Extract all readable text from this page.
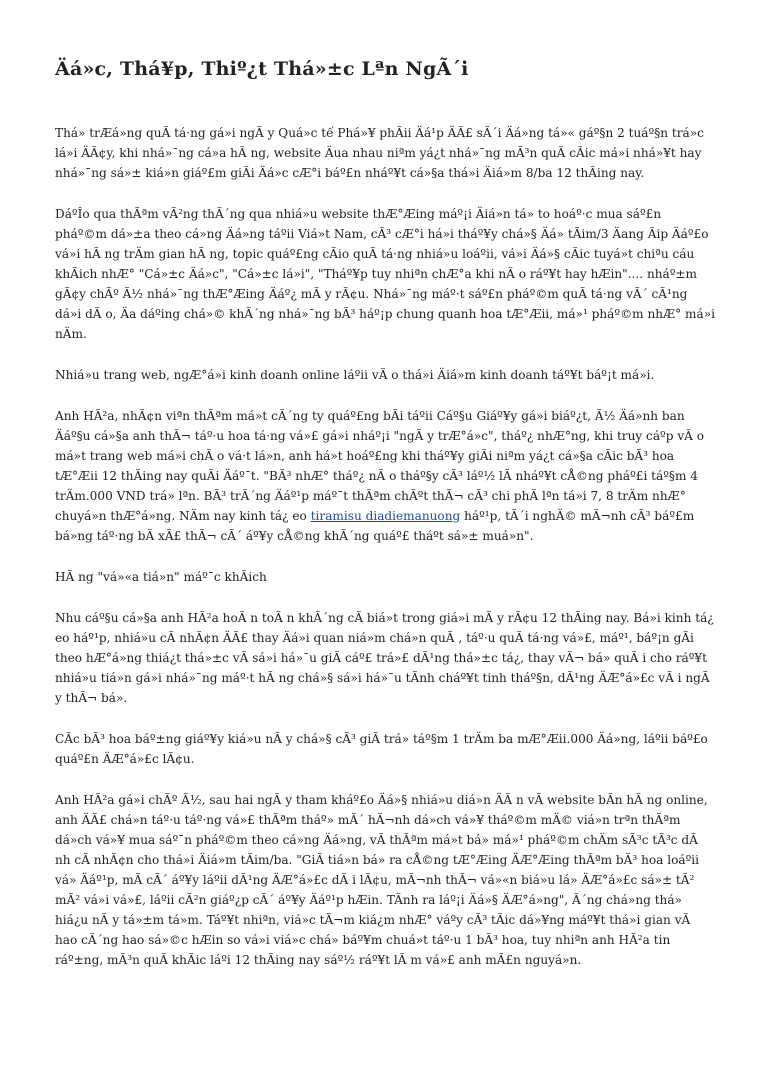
Äá»c, Thá¥p, Thiº¿t Thá»±c Lªn NgÃ´i

Thá» trÆá»ng quÃ tá·ng gá»i ngÃ y Quá»c tế Phá»¥ phÃii Äá¹p ÄÃ£ sÃ´i Äá»ng tá»« gáº§n 2 tuáº§n trá»c lá»i ÄÃ¢y, khi nhá»¯ng cá»a hÃ ng, website Äua nhau niªm yá¿t nhá»¯ng mÃ³n quÃ cÃic má»i nhá»¥t hay nhá»¯ng sá»± kiá»n giáº£m giÃi Äá»c cÆ°i báº£n nháº¥t cá»§a thá»i Äiá»m 8/ba 12 thÃing nay.

DáºÎo qua thÃªm vÃ²ng thÃ´ng qua nhiá»u website thÆ°Æing máº¡i Äiá»n tá» to hoáº·c mua sáº£n pháº©m dá»±a theo cá»ng Äá»ng táºii Viá»t Nam, cÃ³ cÆ°i há»i tháº¥y chá»§ Äá» tÃim/3 Äang Ãip Äáº£o vá»i hÃ ng trÄm gian hÃ ng, topic quáº£ng cÃio quÃ tá·ng nhiá»u loáºii, vá»i Äá»§ cÃic tuyá»t chiªu cáu khÃich nhÆ° "Cá»±c Äá»c", "Cá»±c lá»i", "Tháº¥p tuy nhiªn chÆ°a khi nÃ o ráº¥t hay hÆin".... nháº±m gÃ¢y chÃº Ã½ nhá»¯ng thÆ°Æing Äáº¿ mÃ y rÃ¢u. Nhá»¯ng máº·t sáº£n pháº©m quÃ tá·ng vÃ´ cÃ¹ng dá»i dÃ o, Äa dáºing chá»© khÃ´ng nhá»¯ng bÃ³ háº¡p chung quanh hoa tÆ°Æii, má»¹ pháº©m nhÆ° má»i nÄm.

Nhiá»u trang web, ngÆ°á»i kinh doanh online láºii vÃ o thá»i Äiá»m kinh doanh táº¥t báº¡t má»i.

Anh HÃ²a, nhÃ¢n viªn thÃªm má»t cÃ´ng ty quáº£ng bÃi táºii Cáº§u Giáº¥y gá»i biáº¿t, Ã½ Äá»nh ban Äáº§u cá»§a anh thÃ¬ táº·u hoa tá·ng vá»£ gá»i nháº¡i "ngÃ y trÆ°á»c", tháº¿ nhÆ°ng, khi truy cáºp vÃ o má»t trang web má»i chÃ o vá·t lá»n, anh há»t hoáº£ng khi tháº¥y giÃi niªm yá¿t cá»§a cÃic bÃ³ hoa tÆ°Æii 12 thÃing nay quÃi Äáº¯t. "BÃ³ nhÆ° tháº¿ nÃ o tháº§y cÃ³ láº½ lÃ nháº¥t cÅ©ng pháº£i táº§m 4 trÄm.000 VND trá» lªn. BÃ³ trÃ´ng Äáº¹p máº¯t thÃªm chÃºt thÃ¬ cÃ³ chi phÃ lªn tá»i 7, 8 trÄm nhÆ° chuyá»n thÆ°á»ng. NÄm nay kinh tá¿ eo tiramisu diadiemanuong háº¹p, tÃ´i nghÄ© mÃ¬nh cÃ³ báº£m bá»ng táº·ng bÃ xÃ£ thÃ¬ cÃ´ áº¥y cÅ©ng khÃ´ng quáº£ tháºt sá»± muá»n".

HÃ ng "vá»«a tiá»n" máº¯c khÃich

Nhu cáº§u cá»§a anh HÃ²a hoÃ n toÃ n khÃ´ng cÃ biá»t trong giá»i mÃ y rÃ¢u 12 thÃing nay. Bá»i kinh tá¿ eo háº¹p, nhiá»u cÃ nhÃ¢n ÄÃ£ thay Äá»i quan niá»m chá»n quÃ , táº·u quÃ tá·ng vá»£, máº¹, báº¡n gÃi theo hÆ°á»ng thiá¿t thá»±c vÃ sá»i há»¯u giÃ cáº£ trá»£ dÃ¹ng thá»±c tá¿, thay vÃ¬ bá» quÃ i cho ráº¥t nhiá»u tiá»n gá»i nhá»¯ng máº·t hÃ ng chá»§ sá»i há»¯u tÃnh cháº¥t tinh tháº§n, dÃ¹ng ÄÆ°á»£c vÃ i ngÃ y thÃ¬ bá».

CÃc bÃ³ hoa báº±ng giáº¥y kiá»u nÃ y chá»§ cÃ³ giÃ trá» táº§m 1 trÄm ba mÆ°Æii.000 Äá»ng, láºii báº£o quáº£n ÄÆ°á»£c lÃ¢u.

Anh HÃ²a gá»i chÃº Ã½, sau hai ngÃ y tham kháº£o Äá»§ nhiá»u diá»n ÄÃ n vÃ website bÃn hÃ ng online, anh ÄÃ£ chá»n táº·u táº·ng vá»£ thÃªm tháº» mÃ´ hÃ¬nh dá»ch vá»¥ tháº©m mÄ© viá»n trªn thÃªm dá»ch vá»¥ mua sáº¯n pháº©m theo cá»ng Äá»ng, vÃ thÃªm má»t bá» má»¹ pháº©m chÄm sÃ³c tÃ³c dÃ nh cÃ nhÃ¢n cho thá»i Äiá»m tÃim/ba. "GiÃ tiá»n bá» ra cÅ©ng tÆ°Æing ÄÆ°Æing thÃªm bÃ³ hoa loáºii vá» Äáº¹p, mÃ cÃ´ áº¥y láºii dÃ¹ng ÄÆ°á»£c dÃ i lÃ¢u, mÃ¬nh thÃ¬ vá»«n biá»u lá» ÄÆ°á»£c sá»± tÃ² mÃ² vá»i vá»£, láºii cÃ²n giáº¿p cÃ´ áº¥y Äáº¹p hÆin. TÃnh ra láº¡i Äá»§ ÄÆ°á»ng", Ã´ng chá»ng thá» hiá¿u nÃ y tá»±m tá»m. Táº¥t nhiªn, viá»c tÃ¬m kiá¿m nhÆ° váºy cÃ³ tÃic dá»¥ng máº¥t thá»i gian vÃ hao cÃ´ng hao sá»©c hÆin so vá»i viá»c chá» báº¥m chuá»t táº·u 1 bÃ³ hoa, tuy nhiªn anh HÃ²a tin ráº±ng, mÃ³n quÃ khÃic láºi 12 thÃing nay sáº½ ráº¥t lÃ m vá»£ anh mÃ£n nguyá»n.
